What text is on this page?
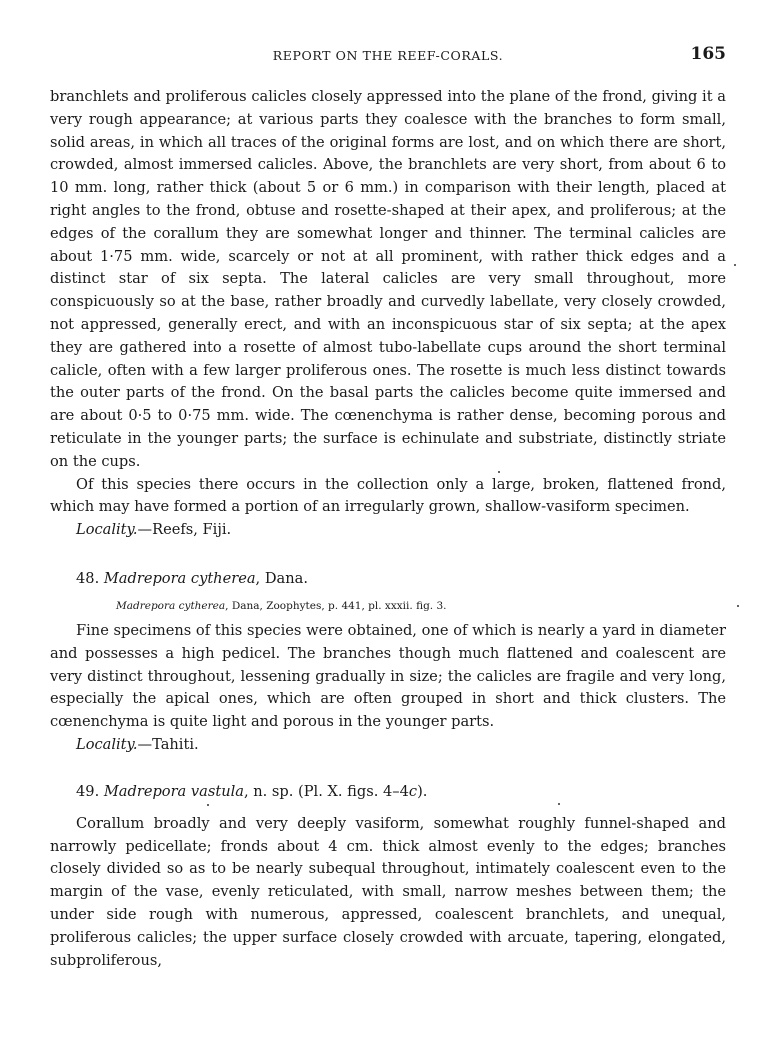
REPORT ON THE REEF-CORALS.	165

branchlets and proliferous calicles closely appressed into the plane of the frond, giving it a very rough appearance; at various parts they coalesce with the branches to form small, solid areas, in which all traces of the original forms are lost, and on which there are short, crowded, almost immersed calicles. Above, the branchlets are very short, from about 6 to 10 mm. long, rather thick (about 5 or 6 mm.) in comparison with their length, placed at right angles to the frond, obtuse and rosette-shaped at their apex, and proliferous; at the edges of the corallum they are somewhat longer and thinner. The terminal calicles are about 1·75 mm. wide, scarcely or not at all prominent, with rather thick edges and a distinct star of six septa. The lateral calicles are very small throughout, more conspicuously so at the base, rather broadly and curvedly labellate, very closely crowded, not appressed, generally erect, and with an inconspicuous star of six septa; at the apex they are gathered into a rosette of almost tubo-labellate cups around the short terminal calicle, often with a few larger proliferous ones. The rosette is much less distinct towards the outer parts of the frond. On the basal parts the calicles become quite immersed and are about 0·5 to 0·75 mm. wide. The cœnenchyma is rather dense, becoming porous and reticulate in the younger parts; the surface is echinulate and substriate, distinctly striate on the cups.

Of this species there occurs in the collection only a large, broken, flattened frond, which may have formed a portion of an irregularly grown, shallow-vasiform specimen.

Locality.—Reefs, Fiji.

48. Madrepora cytherea, Dana.
Madrepora cytherea, Dana, Zoophytes, p. 441, pl. xxxii. fig. 3.

Fine specimens of this species were obtained, one of which is nearly a yard in diameter and possesses a high pedicel. The branches though much flattened and coalescent are very distinct throughout, lessening gradually in size; the calicles are fragile and very long, especially the apical ones, which are often grouped in short and thick clusters. The cœnenchyma is quite light and porous in the younger parts.

Locality.—Tahiti.

49. Madrepora vastula, n. sp. (Pl. X. figs. 4–4c).

Corallum broadly and very deeply vasiform, somewhat roughly funnel-shaped and narrowly pedicellate; fronds about 4 cm. thick almost evenly to the edges; branches closely divided so as to be nearly subequal throughout, intimately coalescent even to the margin of the vase, evenly reticulated, with small, narrow meshes between them; the under side rough with numerous, appressed, coalescent branchlets, and unequal, proliferous calicles; the upper surface closely crowded with arcuate, tapering, elongated, subproliferous,
